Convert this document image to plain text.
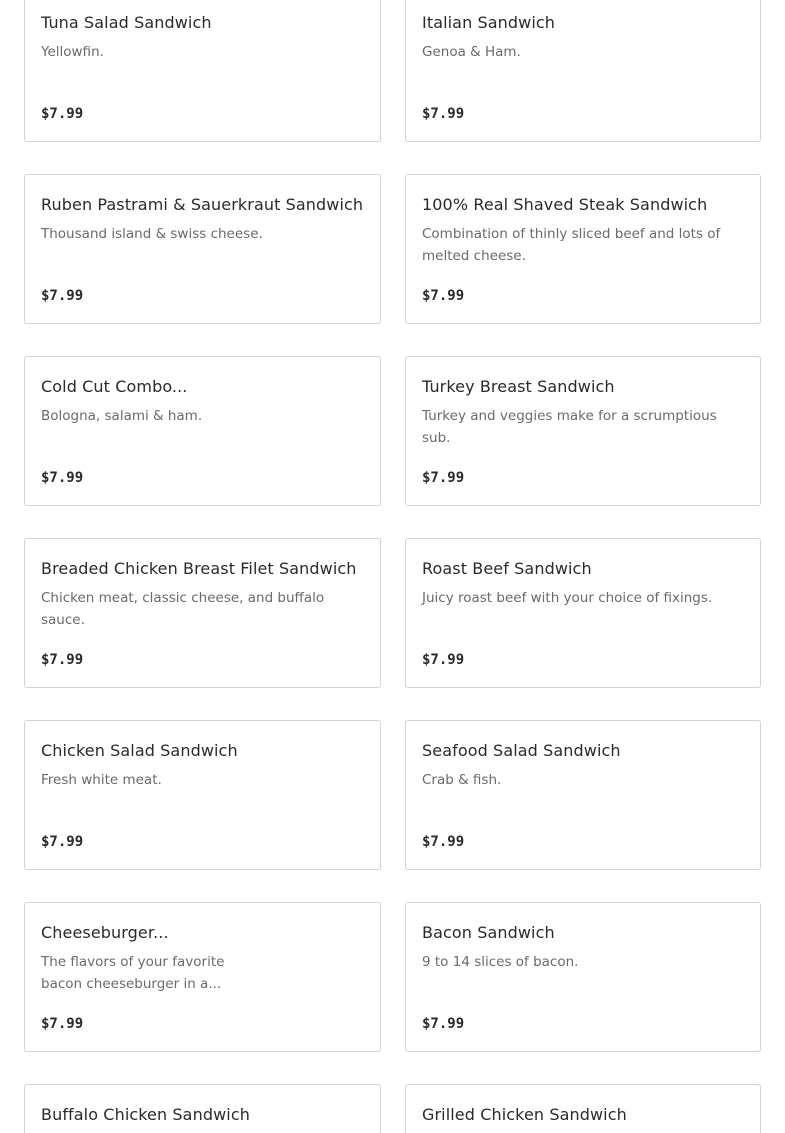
Tuna Salad Sandwich
Yellowfin.
$7.99
Italian Sandwich
Genoa & Ham.
$7.99
Ruben Pastrami & Sauerkraut Sandwich
Thousand island & swiss cheese.
$7.99
100% Real Shaved Steak Sandwich
Combination of thinly sliced beef and lots of melted cheese.
$7.99
Cold Cut Combo...
Bologna, salami & ham.
$7.99
Turkey Breast Sandwich
Turkey and veggies make for a scrumptious sub.
$7.99
Breaded Chicken Breast Filet Sandwich
Chicken meat, classic cheese, and buffalo sauce.
$7.99
Roast Beef Sandwich
Juicy roast beef with your choice of fixings.
$7.99
Chicken Salad Sandwich
Fresh white meat.
$7.99
Seafood Salad Sandwich
Crab & fish.
$7.99
Cheeseburger...
The flavors of your favorite bacon cheeseburger in a...
$7.99
Bacon Sandwich
9 to 14 slices of bacon.
$7.99
Buffalo Chicken Sandwich	Grilled Chicken Sandwich
